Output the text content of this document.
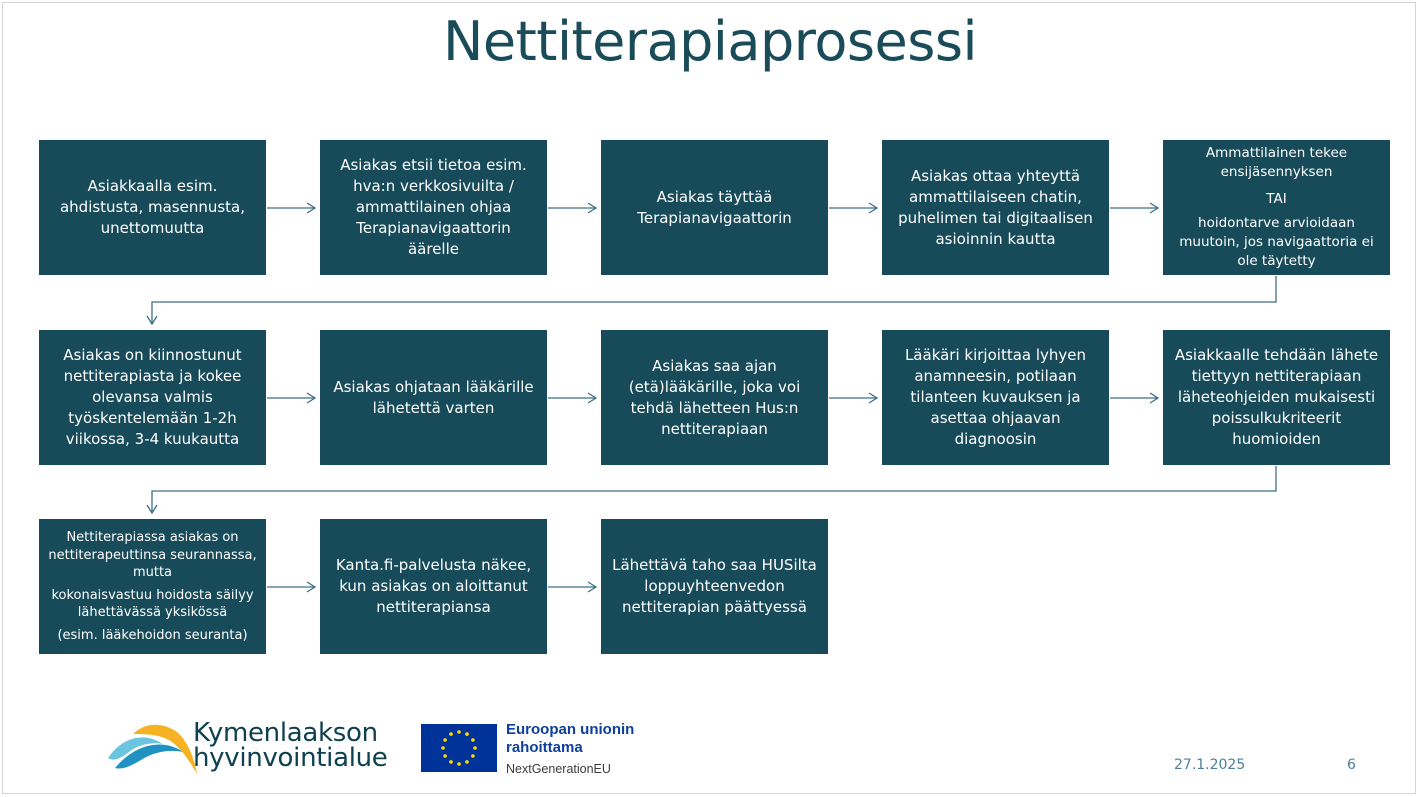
Nettiterapiaprosessi
Asiakkaalla esim. ahdistusta, masennusta, unettomuutta
Asiakas etsii tietoa esim. hva:n verkkosivuilta / ammattilainen ohjaa Terapianavigaattorin äärelle
Asiakas täyttää Terapianavigaattorin
Asiakas ottaa yhteyttä ammattilaiseen chatin, puhelimen tai digitaalisen asioinnin kautta
Ammattilainen tekee ensijäsennyksen
TAI
hoidontarve arvioidaan muutoin, jos navigaattoria ei ole täytetty
Asiakas on kiinnostunut nettiterapiasta ja kokee olevansa valmis työskentelemään 1-2h viikossa, 3-4 kuukautta
Asiakas ohjataan lääkärille lähetettä varten
Asiakas saa ajan (etä)lääkärille, joka voi tehdä lähetteen Hus:n nettiterapiaan
Lääkäri kirjoittaa lyhyen anamneesin, potilaan tilanteen kuvauksen ja asettaa ohjaavan diagnoosin
Asiakkaalle tehdään lähete tiettyyn nettiterapiaan läheteohjeiden mukaisesti poissulkukriteerit huomioiden
Nettiterapiassa asiakas on nettiterapeuttinsa seurannassa, mutta
kokonaisvastuu hoidosta säilyy lähettävässä yksikössä
(esim. lääkehoidon seuranta)
Kanta.fi-palvelusta näkee, kun asiakas on aloittanut nettiterapiansa
Lähettävä taho saa HUSilta loppuyhteenvedon nettiterapian päättyessä
Kymenlaakson
hyvinvointialue
Euroopan unionin
rahoittama
NextGenerationEU	27.1.2025	6
